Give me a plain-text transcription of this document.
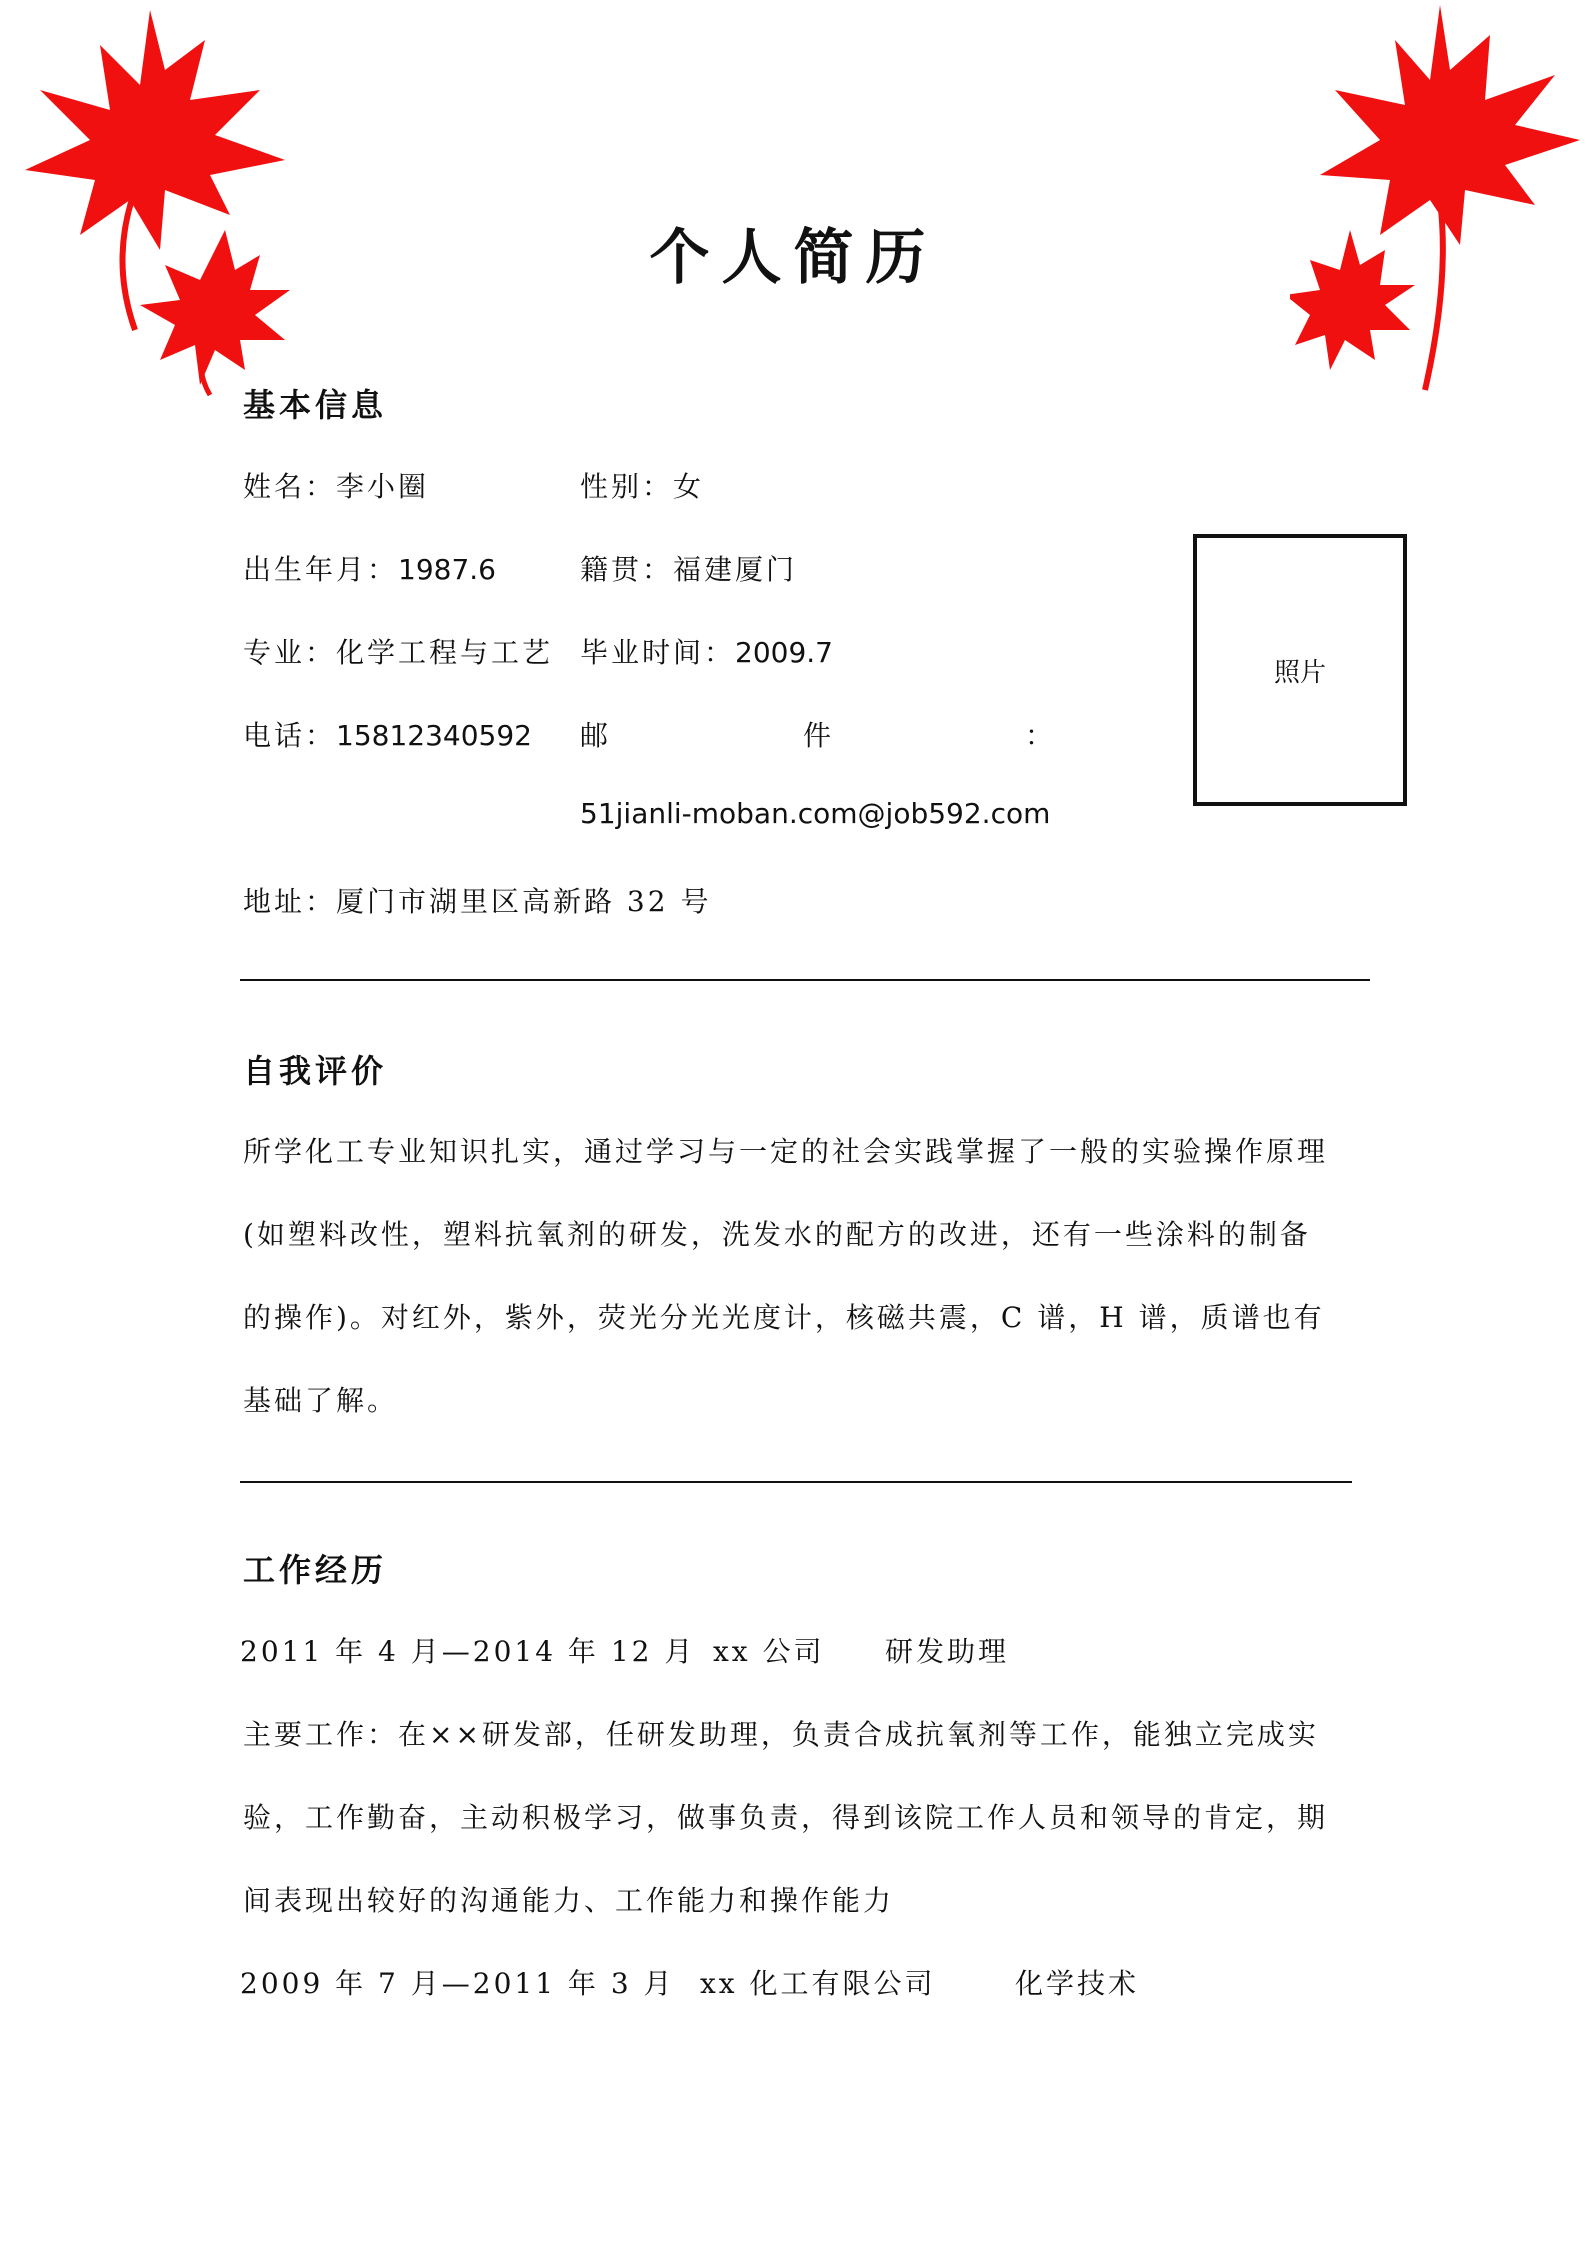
个人简历
基本信息
姓名：李小圈	性别：女
出生年月：1987.6	籍贯：福建厦门
专业：化学工程与工艺 毕业时间：2009.7
电话：15812340592 邮	件	：
51jianli-moban.com@job592.com
地址：厦门市湖里区高新路 32 号
照片
自我评价
所学化工专业知识扎实，通过学习与一定的社会实践掌握了一般的实验操作原理
(如塑料改性，塑料抗氧剂的研发，洗发水的配方的改进，还有一些涂料的制备
的操作)。对红外，紫外，荧光分光光度计，核磁共震，C 谱，H 谱，质谱也有
基础了解。
工作经历
2011 年 4 月—2014 年 12 月 xx 公司 研发助理
主要工作：在××研发部，任研发助理，负责合成抗氧剂等工作，能独立完成实
验，工作勤奋，主动积极学习，做事负责，得到该院工作人员和领导的肯定，期
间表现出较好的沟通能力、工作能力和操作能力
2009 年 7 月—2011 年 3 月 xx 化工有限公司	化学技术
